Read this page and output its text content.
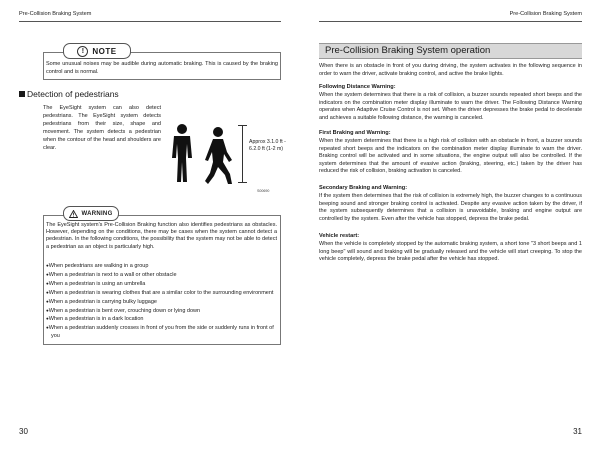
Pre-Collision Braking System
!	NOTE
Some unusual noises may be audible during automatic braking. This is caused by the braking control and is normal.
Detection of pedestrians
The EyeSight system can also detect pedestrians. The EyeSight system detects pedestrians from their size, shape and movement. The system detects a pedestrian when the contour of the head and shoulders are clear.
Approx 3.1.0 ft - 6.2.0 ft (1-2 m)
S00690
WARNING
The EyeSight system's Pre-Collision Braking function also identifies pedestrians as obstacles. However, depending on the conditions, there may be cases when the system cannot detect a pedestrian. In the following conditions, the possibility that the system may not be able to detect a pedestrian as an object is particularly high.
● When pedestrians are walking in a group
● When a pedestrian is next to a wall or other obstacle
● When a pedestrian is using an umbrella
● When a pedestrian is wearing clothes that are a similar color to the surrounding environment
● When a pedestrian is carrying bulky luggage
● When a pedestrian is bent over, crouching down or lying down
● When a pedestrian is in a dark location
● When a pedestrian suddenly crosses in front of you from the side or suddenly runs in front of you
30
Pre-Collision Braking System
Pre-Collision Braking System operation
When there is an obstacle in front of you during driving, the system activates in the following sequence in order to warn the driver, activate braking control, and active the brake lights.
Following Distance Warning:

When the system determines that there is a risk of collision, a buzzer sounds repeated short beeps and the indicators on the combination meter display illuminate to warn the driver. The Following Distance Warning operates when Adaptive Cruise Control is not set. When the driver depresses the brake pedal to decelerate and achieves a suitable following distance, the warning is canceled.

First Braking and Warning:

When the system determines that there is a high risk of collision with an obstacle in front, a buzzer sounds repeated short beeps and the indicators on the combination meter display illuminate to warn the driver. Braking control will be activated and in some situations, the engine output will also be controlled. If the system determines that the amount of evasive action (braking, steering, etc.) taken by the driver has reduced the risk of collision, braking activation is canceled.

Secondary Braking and Warning:

If the system then determines that the risk of collision is extremely high, the buzzer changes to a continuous beeping sound and stronger braking control is activated. Despite any evasive action taken by the driver, if the system subsequently determines that a collision is unavoidable, braking and engine output are controlled by the system. Even after the vehicle has stopped, depress the brake pedal.

Vehicle restart:

When the vehicle is completely stopped by the automatic braking system, a short tone "3 short beeps and 1 long beep" will sound and braking will be gradually released and the vehicle will start creeping. To stop the vehicle completely, depress the brake pedal after the vehicle has stopped.

31
